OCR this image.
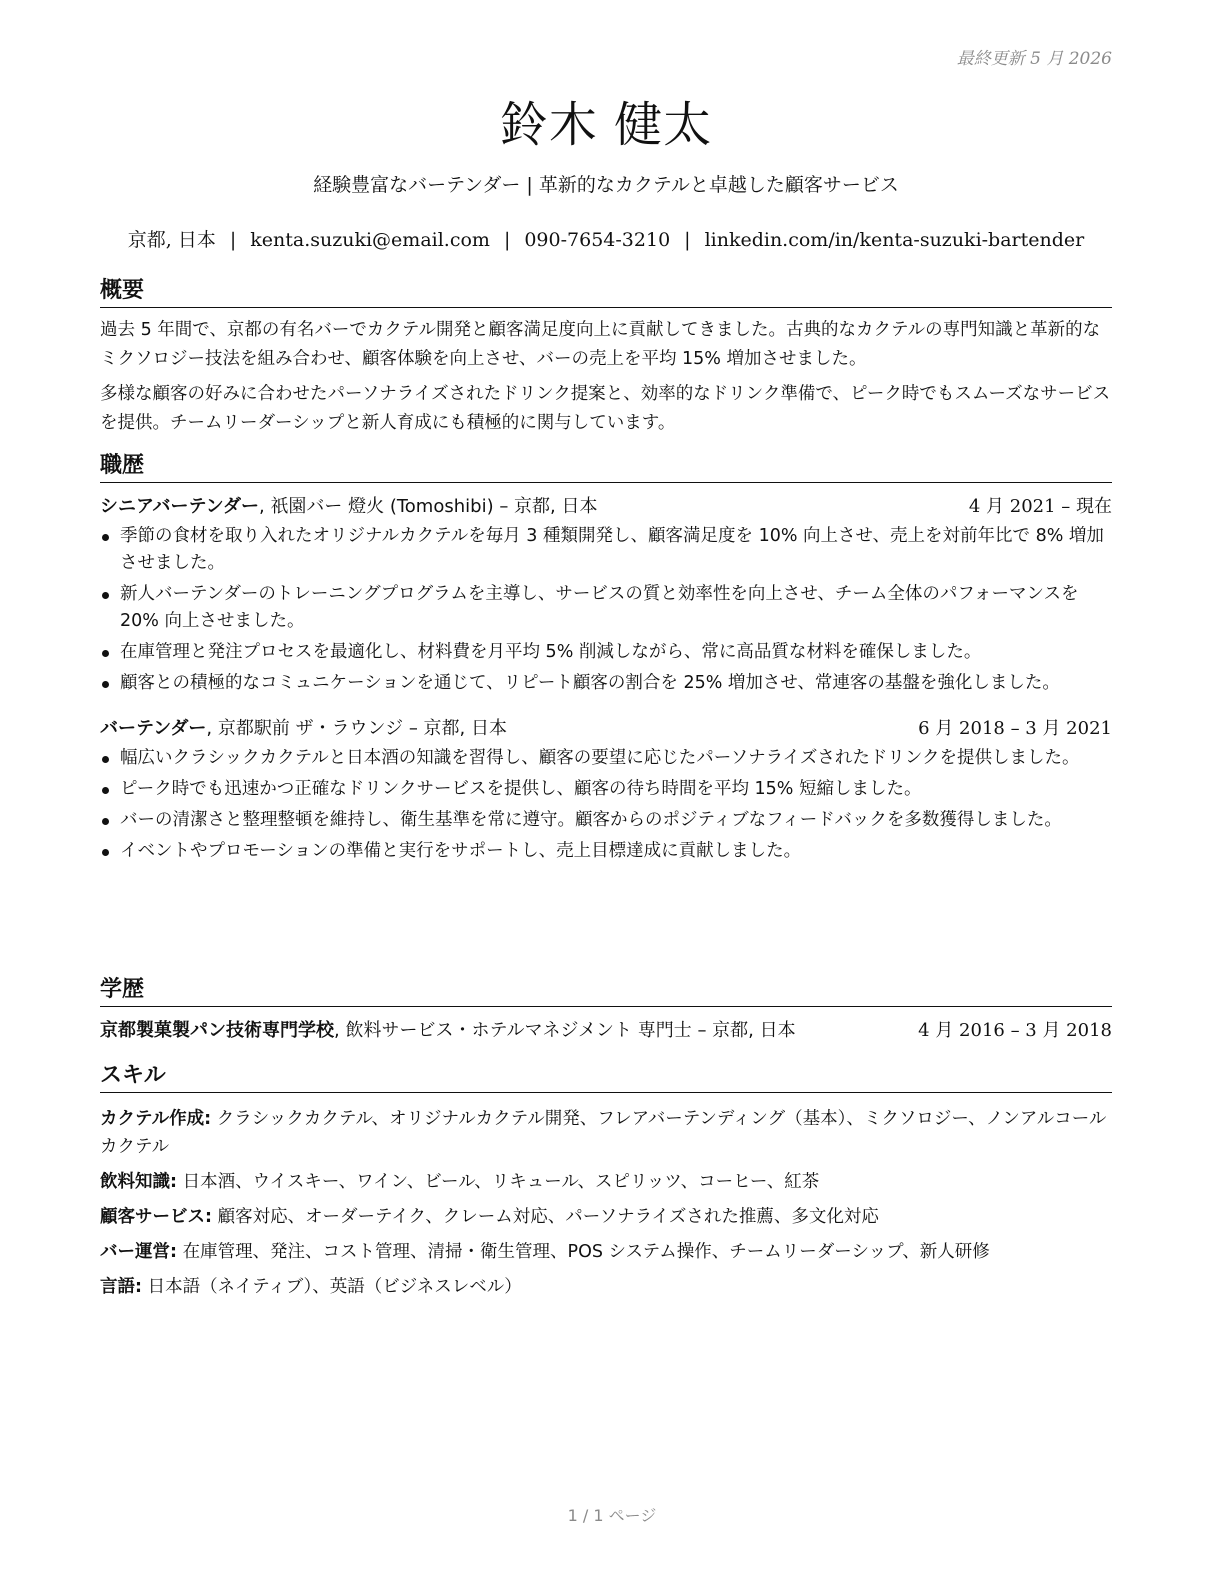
最終更新 5 月 2026
鈴木 健太
経験豊富なバーテンダー | 革新的なカクテルと卓越した顧客サービス
京都, 日本 | kenta.suzuki@email.com | 090-7654-3210 | linkedin.com/in/kenta-suzuki-bartender
概要

過去 5 年間で、京都の有名バーでカクテル開発と顧客満足度向上に貢献してきました。古典的なカクテルの専門知識と革新的なミクソロジー技法を組み合わせ、顧客体験を向上させ、バーの売上を平均 15% 増加させました。

多様な顧客の好みに合わせたパーソナライズされたドリンク提案と、効率的なドリンク準備で、ピーク時でもスムーズなサービスを提供。チームリーダーシップと新人育成にも積極的に関与しています。

職歴
シニアバーテンダー, 祇園バー 燈火 (Tomoshibi) – 京都, 日本	4 月 2021 – 現在
季節の食材を取り入れたオリジナルカクテルを毎月 3 種類開発し、顧客満足度を 10% 向上させ、売上を対前年比で 8% 増加させました。
新人バーテンダーのトレーニングプログラムを主導し、サービスの質と効率性を向上させ、チーム全体のパフォーマンスを 20% 向上させました。
在庫管理と発注プロセスを最適化し、材料費を月平均 5% 削減しながら、常に高品質な材料を確保しました。
顧客との積極的なコミュニケーションを通じて、リピート顧客の割合を 25% 増加させ、常連客の基盤を強化しました。
バーテンダー, 京都駅前 ザ・ラウンジ – 京都, 日本	6 月 2018 – 3 月 2021
幅広いクラシックカクテルと日本酒の知識を習得し、顧客の要望に応じたパーソナライズされたドリンクを提供しました。
ピーク時でも迅速かつ正確なドリンクサービスを提供し、顧客の待ち時間を平均 15% 短縮しました。
バーの清潔さと整理整頓を維持し、衛生基準を常に遵守。顧客からのポジティブなフィードバックを多数獲得しました。
イベントやプロモーションの準備と実行をサポートし、売上目標達成に貢献しました。
学歴
京都製菓製パン技術専門学校, 飲料サービス・ホテルマネジメント 専門士 – 京都, 日本	4 月 2016 – 3 月 2018
スキル

カクテル作成: クラシックカクテル、オリジナルカクテル開発、フレアバーテンディング（基本）、ミクソロジー、ノンアルコールカクテル

飲料知識: 日本酒、ウイスキー、ワイン、ビール、リキュール、スピリッツ、コーヒー、紅茶

顧客サービス: 顧客対応、オーダーテイク、クレーム対応、パーソナライズされた推薦、多文化対応

バー運営: 在庫管理、発注、コスト管理、清掃・衛生管理、POS システム操作、チームリーダーシップ、新人研修

言語: 日本語（ネイティブ）、英語（ビジネスレベル）

1 / 1 ページ
